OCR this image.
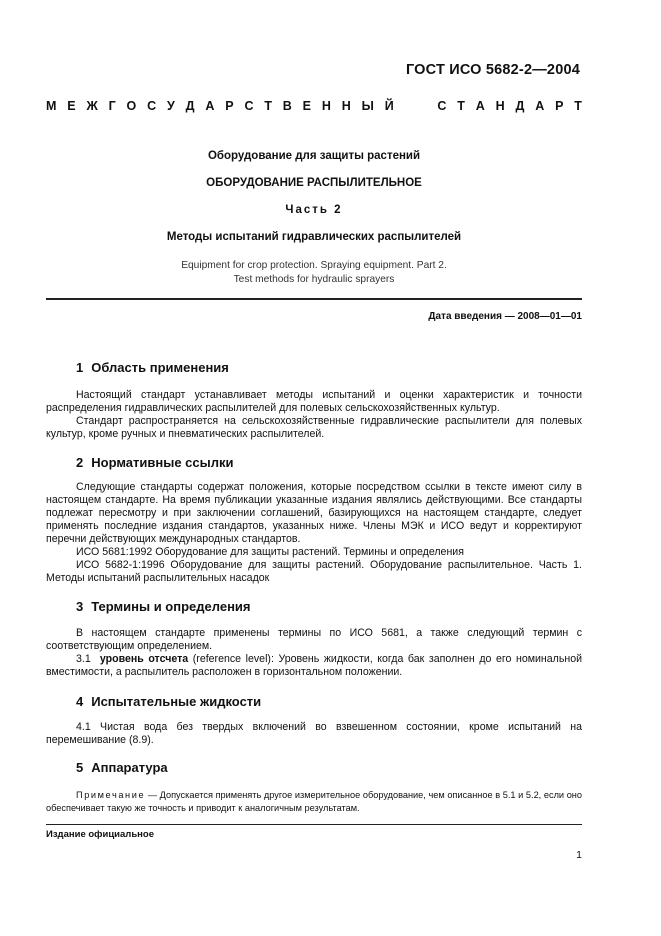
ГОСТ ИСО 5682-2—2004
М Е Ж Г О С У Д А Р С Т В Е Н Н Ы Й	С Т А Н Д А Р Т
Оборудование для защиты растений
ОБОРУДОВАНИЕ РАСПЫЛИТЕЛЬНОЕ
Часть 2
Методы испытаний гидравлических распылителей
Equipment for crop protection. Spraying equipment. Part 2.
Test methods for hydraulic sprayers
Дата введения — 2008—01—01
1 Область применения

Настоящий стандарт устанавливает методы испытаний и оценки характеристик и точности распределения гидравлических распылителей для полевых сельскохозяйственных культур.

Стандарт распространяется на сельскохозяйственные гидравлические распылители для полевых культур, кроме ручных и пневматических распылителей.

2 Нормативные ссылки

Следующие стандарты содержат положения, которые посредством ссылки в тексте имеют силу в настоящем стандарте. На время публикации указанные издания являлись действующими. Все стандарты подлежат пересмотру и при заключении соглашений, базирующихся на настоящем стандарте, следует применять последние издания стандартов, указанных ниже. Члены МЭК и ИСО ведут и корректируют перечни действующих международных стандартов.

ИСО 5681:1992 Оборудование для защиты растений. Термины и определения

ИСО 5682-1:1996 Оборудование для защиты растений. Оборудование распылительное. Часть 1. Методы испытаний распылительных насадок

3 Термины и определения

В настоящем стандарте применены термины по ИСО 5681, а также следующий термин с соответствующим определением.

3.1 уровень отсчета (reference level): Уровень жидкости, когда бак заполнен до его номинальной вместимости, а распылитель расположен в горизонтальном положении.

4 Испытательные жидкости

4.1 Чистая вода без твердых включений во взвешенном состоянии, кроме испытаний на перемешивание (8.9).

5 Аппаратура

Примечание — Допускается применять другое измерительное оборудование, чем описанное в 5.1 и 5.2, если оно обеспечивает такую же точность и приводит к аналогичным результатам.

Издание официальное
1
